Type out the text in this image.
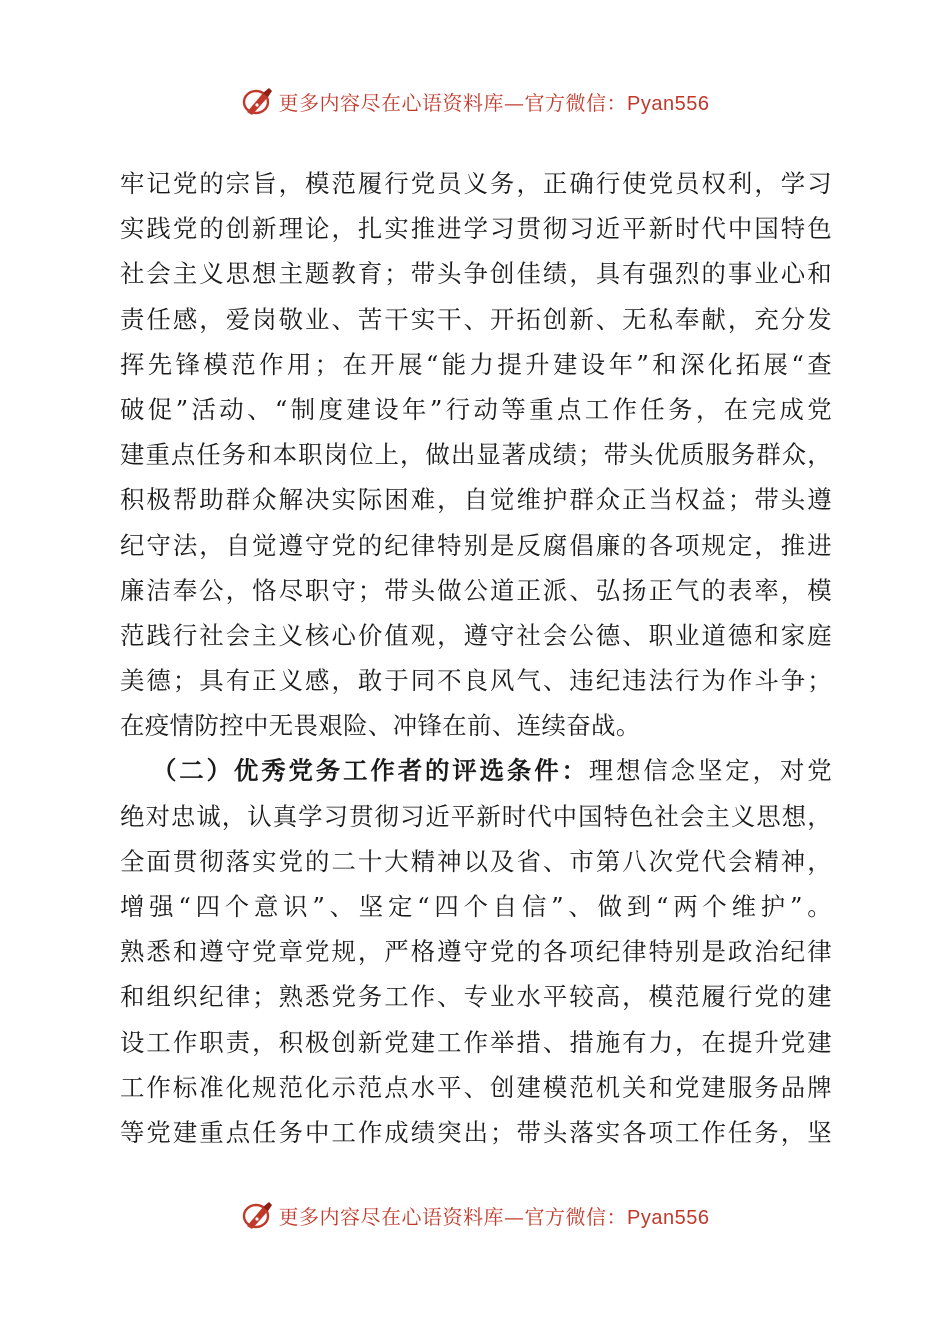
更多内容尽在心语资料库—官方微信：Pyan556
牢记党的宗旨，模范履行党员义务，正确行使党员权利，学习
实践党的创新理论，扎实推进学习贯彻习近平新时代中国特色
社会主义思想主题教育；带头争创佳绩，具有强烈的事业心和
责任感，爱岗敬业、苦干实干、开拓创新、无私奉献，充分发
挥先锋模范作用；在开展“能力提升建设年”和深化拓展“查
破促”活动、“制度建设年”行动等重点工作任务，在完成党
建重点任务和本职岗位上，做出显著成绩；带头优质服务群众，
积极帮助群众解决实际困难，自觉维护群众正当权益；带头遵
纪守法，自觉遵守党的纪律特别是反腐倡廉的各项规定，推进
廉洁奉公，恪尽职守；带头做公道正派、弘扬正气的表率，模
范践行社会主义核心价值观，遵守社会公德、职业道德和家庭
美德；具有正义感，敢于同不良风气、违纪违法行为作斗争；
在疫情防控中无畏艰险、冲锋在前、连续奋战。
（二）优秀党务工作者的评选条件：理想信念坚定，对党
绝对忠诚，认真学习贯彻习近平新时代中国特色社会主义思想，
全面贯彻落实党的二十大精神以及省、市第八次党代会精神，
增强“四个意识”、坚定“四个自信”、做到“两个维护”。
熟悉和遵守党章党规，严格遵守党的各项纪律特别是政治纪律
和组织纪律；熟悉党务工作、专业水平较高，模范履行党的建
设工作职责，积极创新党建工作举措、措施有力，在提升党建
工作标准化规范化示范点水平、创建模范机关和党建服务品牌
等党建重点任务中工作成绩突出；带头落实各项工作任务，坚
更多内容尽在心语资料库—官方微信：Pyan556
